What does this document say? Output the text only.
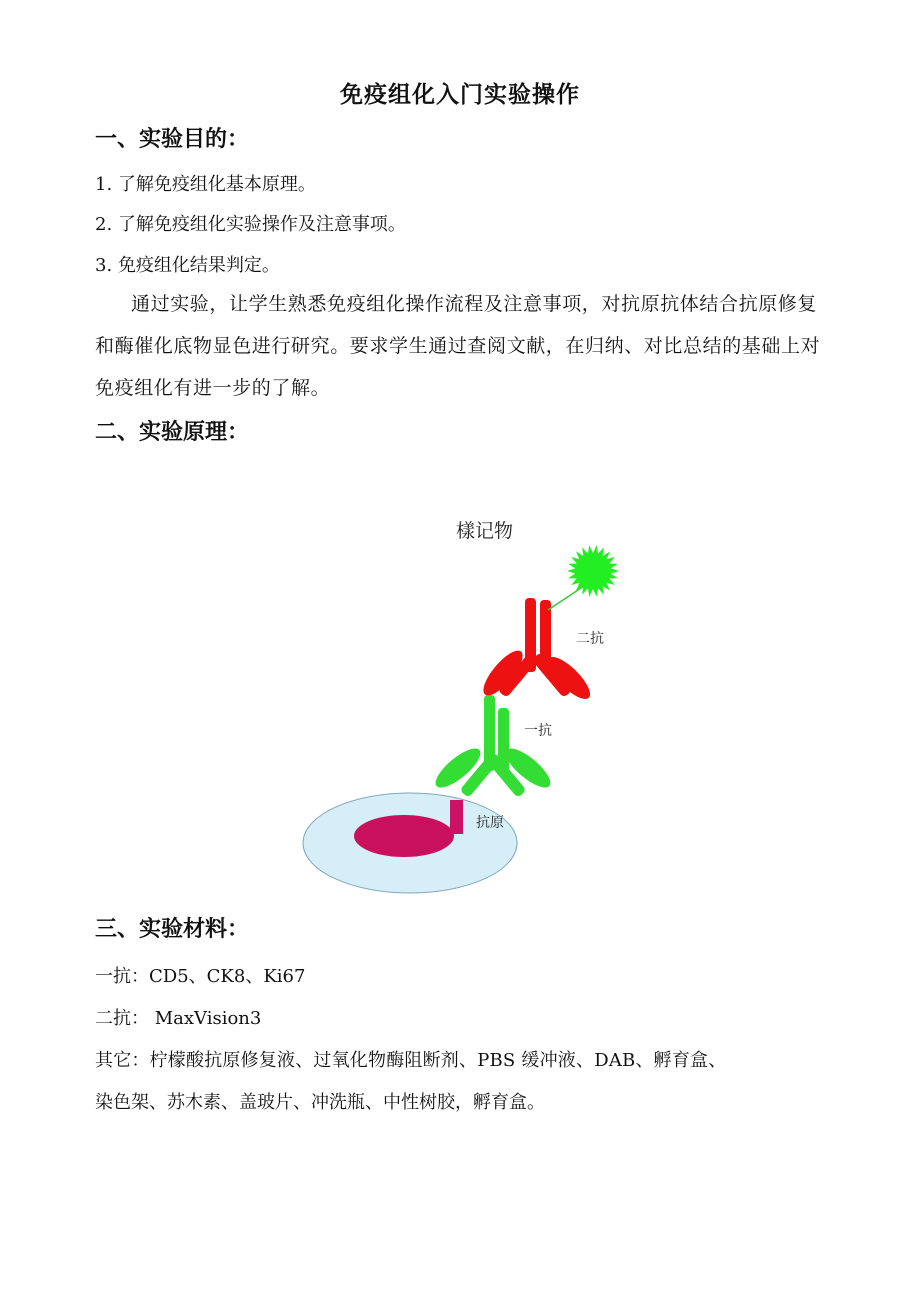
免疫组化入门实验操作
一、实验目的：
1. 了解免疫组化基本原理。
2. 了解免疫组化实验操作及注意事项。
3. 免疫组化结果判定。
通过实验，让学生熟悉免疫组化操作流程及注意事项，对抗原抗体结合抗原修复和酶催化底物显色进行研究。要求学生通过查阅文献，在归纳、对比总结的基础上对免疫组化有进一步的了解。
二、实验原理：
樣记物
二抗
一抗
抗原
三、实验材料：
一抗：CD5、CK8、Ki67
二抗： MaxVision3
其它：柠檬酸抗原修复液、过氧化物酶阻断剂、PBS 缓冲液、DAB、孵育盒、
染色架、苏木素、盖玻片、冲洗瓶、中性树胶，孵育盒。
